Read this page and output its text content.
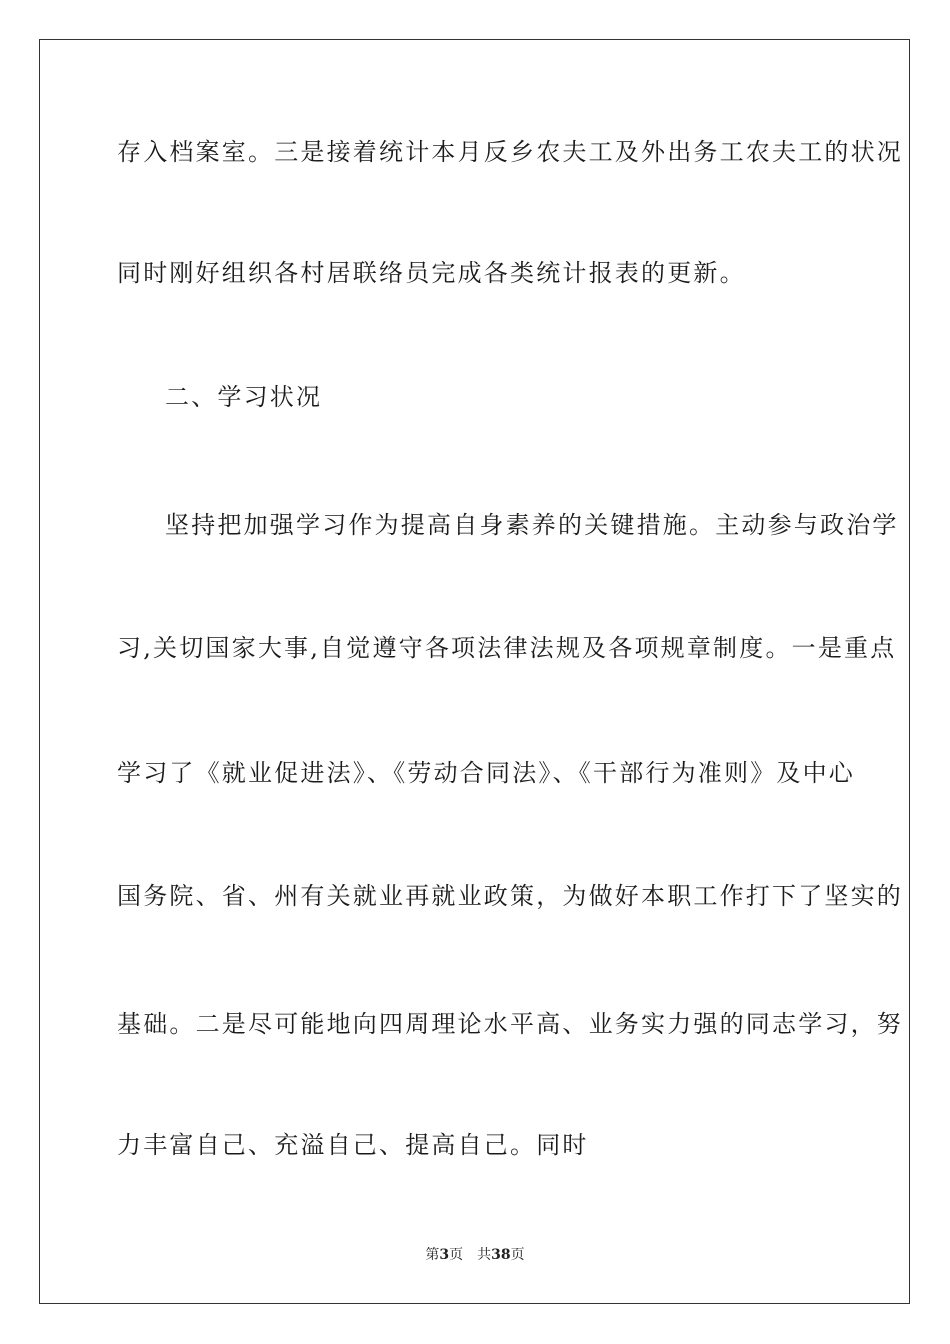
存入档案室。三是接着统计本月反乡农夫工及外出务工农夫工的状况
同时刚好组织各村居联络员完成各类统计报表的更新。
二、学习状况
坚持把加强学习作为提高自身素养的关键措施。主动参与政治学
习,关切国家大事,自觉遵守各项法律法规及各项规章制度。一是重点
学习了《就业促进法》、《劳动合同法》、《干部行为准则》及中心
国务院、省、州有关就业再就业政策，为做好本职工作打下了坚实的
基础。二是尽可能地向四周理论水平高、业务实力强的同志学习，努
力丰富自己、充溢自己、提高自己。同时
第3页　共38页
